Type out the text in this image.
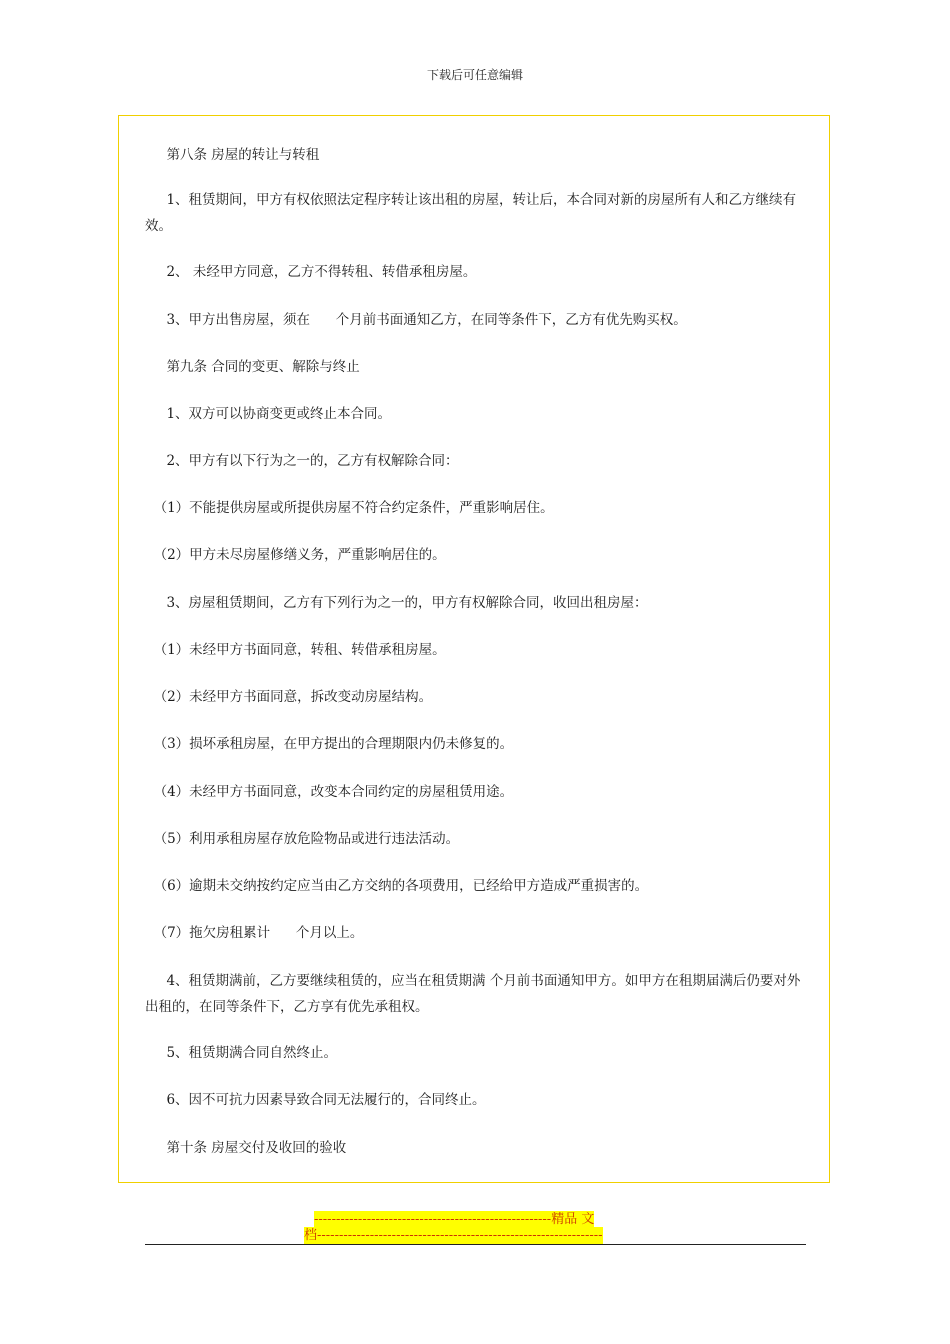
下载后可任意编辑

第八条 房屋的转让与转租

1、租赁期间，甲方有权依照法定程序转让该出租的房屋，转让后，本合同对新的房屋所有人和乙方继续有效。

2、 未经甲方同意，乙方不得转租、转借承租房屋。

3、甲方出售房屋，须在      个月前书面通知乙方，在同等条件下，乙方有优先购买权。

第九条 合同的变更、解除与终止

1、双方可以协商变更或终止本合同。

2、甲方有以下行为之一的，乙方有权解除合同：

（1）不能提供房屋或所提供房屋不符合约定条件，严重影响居住。

（2）甲方未尽房屋修缮义务，严重影响居住的。

3、房屋租赁期间，乙方有下列行为之一的，甲方有权解除合同，收回出租房屋：

（1）未经甲方书面同意，转租、转借承租房屋。

（2）未经甲方书面同意，拆改变动房屋结构。

（3）损坏承租房屋，在甲方提出的合理期限内仍未修复的。

（4）未经甲方书面同意，改变本合同约定的房屋租赁用途。

（5）利用承租房屋存放危险物品或进行违法活动。

（6）逾期未交纳按约定应当由乙方交纳的各项费用，已经给甲方造成严重损害的。

（7）拖欠房租累计      个月以上。

4、租赁期满前，乙方要继续租赁的，应当在租赁期满 个月前书面通知甲方。如甲方在租期届满后仍要对外出租的，在同等条件下，乙方享有优先承租权。

5、租赁期满合同自然终止。

6、因不可抗力因素导致合同无法履行的，合同终止。

第十条 房屋交付及收回的验收

------------------------------------------------------精品 文
档-----------------------------------------------------------------
